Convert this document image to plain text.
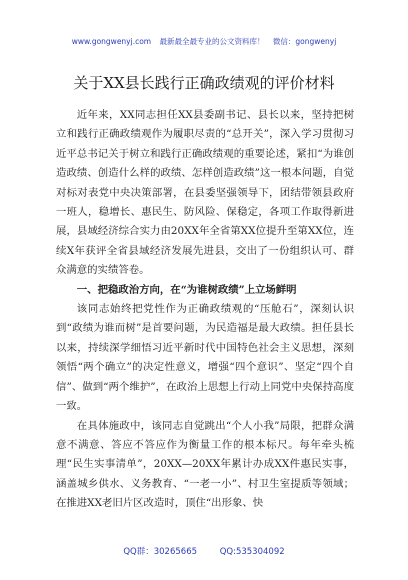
www.gongwenyj.com 最新最全最专业的公文资料库！ 微信：gongwenyj
关于XX县长践行正确政绩观的评价材料

近年来，XX同志担任XX县委副书记、县长以来，坚持把树立和践行正确政绩观作为履职尽责的“总开关”，深入学习贯彻习近平总书记关于树立和践行正确政绩观的重要论述，紧扣“为谁创造政绩、创造什么样的政绩、怎样创造政绩”这一根本问题，自觉对标对表党中央决策部署，在县委坚强领导下，团结带领县政府一班人，稳增长、惠民生、防风险、保稳定，各项工作取得新进展，县域经济综合实力由20XX年全省第XX位提升至第XX位，连续X年获评全省县域经济发展先进县，交出了一份组织认可、群众满意的实绩答卷。

一、把稳政治方向，在“为谁树政绩”上立场鲜明

该同志始终把党性作为正确政绩观的“压舱石”，深刻认识到“政绩为谁而树”是首要问题，为民造福是最大政绩。担任县长以来，持续深学细悟习近平新时代中国特色社会主义思想，深刻领悟“两个确立”的决定性意义，增强“四个意识”、坚定“四个自信”、做到“两个维护”，在政治上思想上行动上同党中央保持高度一致。

在具体施政中，该同志自觉跳出“个人小我”局限，把群众满意不满意、答应不答应作为衡量工作的根本标尺。每年牵头梳理“民生实事清单”，20XX—20XX年累计办成XX件惠民实事，涵盖城乡供水、义务教育、“一老一小”、村卫生室提质等领域；在推进XX老旧片区改造时，顶住“出形象、快

QQ群：30265665	QQ:535304092
